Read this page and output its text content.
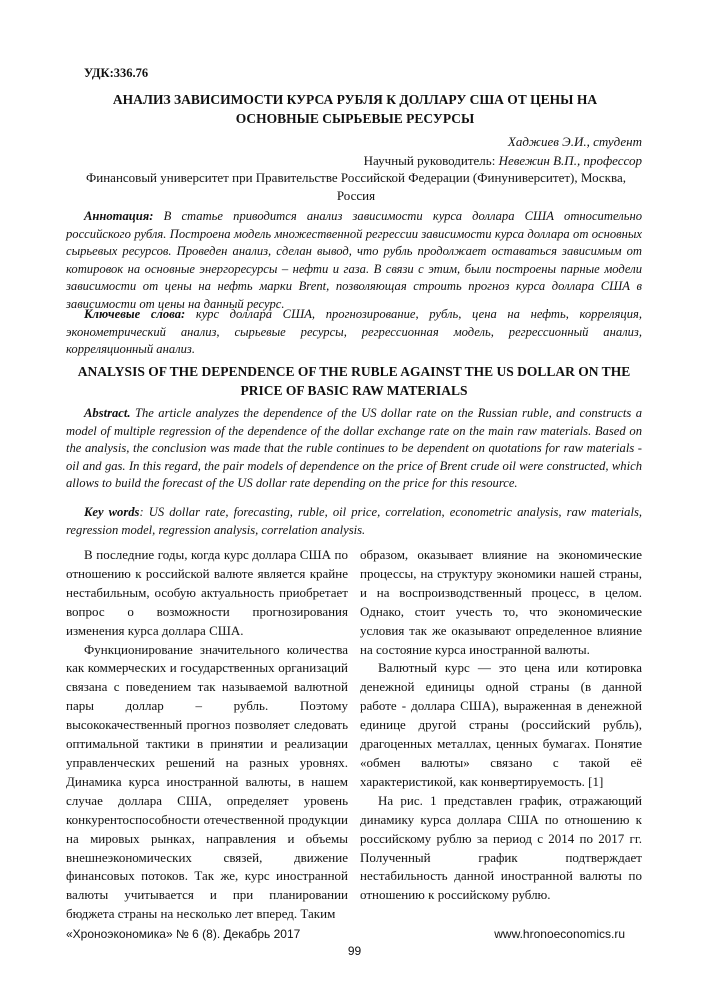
УДК:336.76
АНАЛИЗ ЗАВИСИМОСТИ КУРСА РУБЛЯ К ДОЛЛАРУ США ОТ ЦЕНЫ НА ОСНОВНЫЕ СЫРЬЕВЫЕ РЕСУРСЫ
Хаджиев Э.И., студент
Научный руководитель: Невежин В.П., профессор
Финансовый университет при Правительстве Российской Федерации (Финуниверситет), Москва, Россия
Аннотация: В статье приводится анализ зависимости курса доллара США относительно российского рубля. Построена модель множественной регрессии зависимости курса доллара от основных сырьевых ресурсов. Проведен анализ, сделан вывод, что рубль продолжает оставаться зависимым от котировок на основные энергоресурсы – нефти и газа. В связи с этим, были построены парные модели зависимости от цены на нефть марки Brent, позволяющая строить прогноз курса доллара США в зависимости от цены на данный ресурс.
Ключевые слова: курс доллара США, прогнозирование, рубль, цена на нефть, корреляция, эконометрический анализ, сырьевые ресурсы, регрессионная модель, регрессионный анализ, корреляционный анализ.
ANALYSIS OF THE DEPENDENCE OF THE RUBLE AGAINST THE US DOLLAR ON THE PRICE OF BASIC RAW MATERIALS
Abstract. The article analyzes the dependence of the US dollar rate on the Russian ruble, and constructs a model of multiple regression of the dependence of the dollar exchange rate on the main raw materials. Based on the analysis, the conclusion was made that the ruble continues to be dependent on quotations for raw materials - oil and gas. In this regard, the pair models of dependence on the price of Brent crude oil were constructed, which allows to build the forecast of the US dollar rate depending on the price for this resource.
Key words: US dollar rate, forecasting, ruble, oil price, correlation, econometric analysis, raw materials, regression model, regression analysis, correlation analysis.

В последние годы, когда курс доллара США по отношению к российской валюте является крайне нестабильным, особую актуальность приобретает вопрос о возможности прогнозирования изменения курса доллара США.

Функционирование значительного количества как коммерческих и государственных организаций связана с поведением так называемой валютной пары доллар – рубль. Поэтому высококачественный прогноз позволяет следовать оптимальной тактики в принятии и реализации управленческих решений на разных уровнях. Динамика курса иностранной валюты, в нашем случае доллара США, определяет уровень конкурентоспособности отечественной продукции на мировых рынках, направления и объемы внешнеэкономических связей, движение финансовых потоков. Так же, курс иностранной валюты учитывается и при планировании бюджета страны на несколько лет вперед. Таким

образом, оказывает влияние на экономические процессы, на структуру экономики нашей страны, и на воспроизводственный процесс, в целом. Однако, стоит учесть то, что экономические условия так же оказывают определенное влияние на состояние курса иностранной валюты.

Валютный курс — это цена или котировка денежной единицы одной страны (в данной работе - доллара США), выраженная в денежной единице другой страны (российский рубль), драгоценных металлах, ценных бумагах. Понятие «обмен валюты» связано с такой её характеристикой, как конвертируемость. [1]

На рис. 1 представлен график, отражающий динамику курса доллара США по отношению к российскому рублю за период с 2014 по 2017 гг. Полученный график подтверждает нестабильность данной иностранной валюты по отношению к российскому рублю.

«Хроноэкономика» № 6 (8). Декабрь 2017	www.hronoeconomics.ru
99
